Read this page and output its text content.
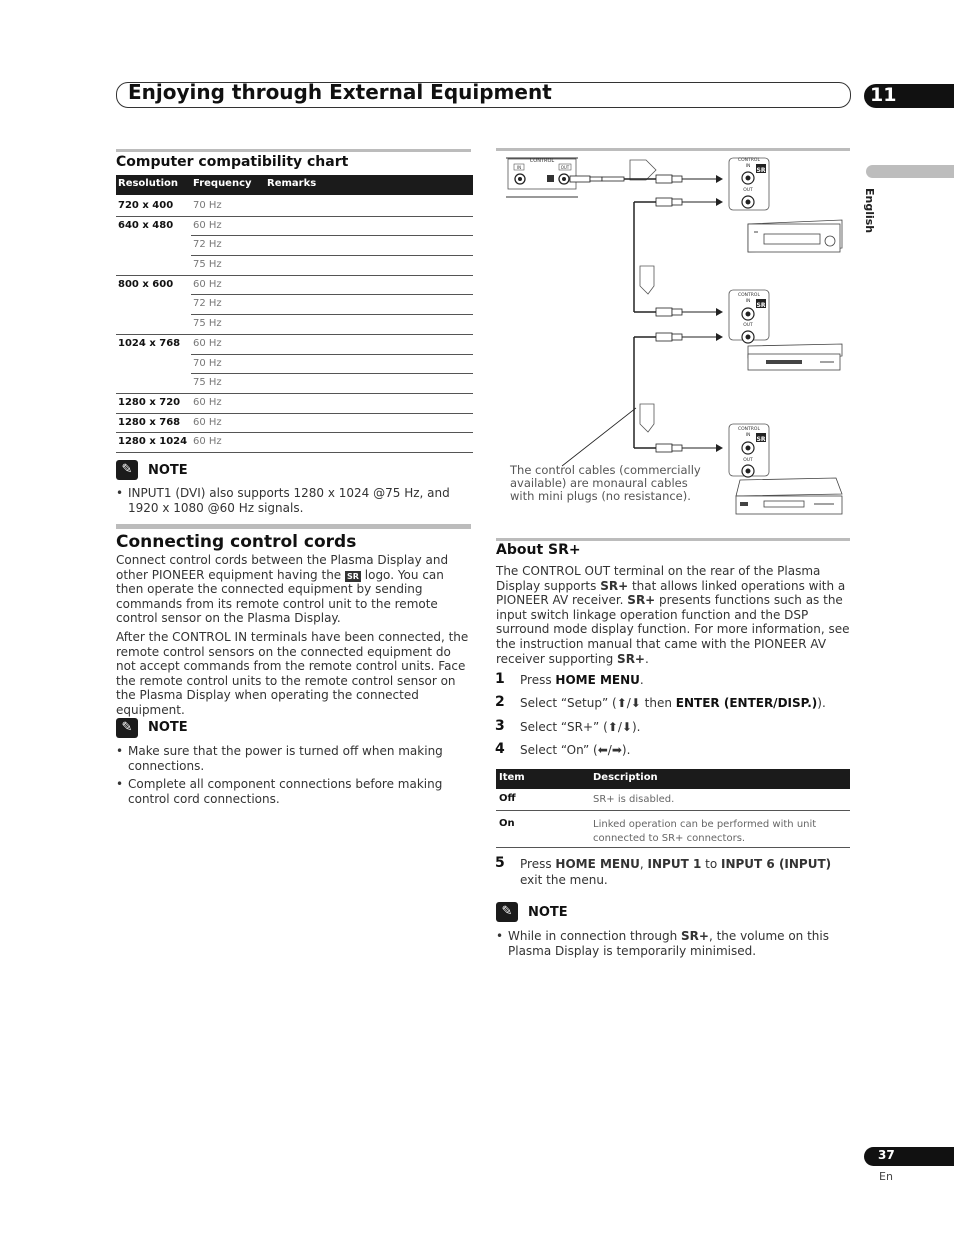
Enjoying through External Equipment	11
English
Computer compatibility chart
Resolution Frequency Remarks
720 x 400 70 Hz
640 x 480 60 Hz
72 Hz
75 Hz
800 x 600 60 Hz
72 Hz
75 Hz
1024 x 768 60 Hz
70 Hz
75 Hz
1280 x 720 60 Hz
1280 x 768 60 Hz
1280 x 1024 60 Hz
✎	NOTE
• INPUT1 (DVI) also supports 1280 x 1024 @75 Hz, and 1920 x 1080 @60 Hz signals.
Connecting control cords
Connect control cords between the Plasma Display and other PIONEER equipment having the SR logo. You can then operate the connected equipment by sending commands from its remote control unit to the remote control sensor on the Plasma Display.
After the CONTROL IN terminals have been connected, the remote control sensors on the connected equipment do not accept commands from the remote control units. Face the remote control units to the remote control sensor on the Plasma Display when operating the connected equipment.
✎	NOTE
• Make sure that the power is turned off when making connections.
• Complete all component connections before making control cord connections.
CONTROL
IN	OUT
CONTROL
IN
SR
OUT
CONTROL
IN
SR
OUT
CONTROL
IN
SR
OUT
The control cables (commercially
available) are monaural cables
with mini plugs (no resistance).
About SR+
The CONTROL OUT terminal on the rear of the Plasma Display supports SR+ that allows linked operations with a PIONEER AV receiver. SR+ presents functions such as the input switch linkage operation function and the DSP surround mode display function. For more information, see the instruction manual that came with the PIONEER AV receiver supporting SR+.
1 Press HOME MENU.
2 Select “Setup” (⬆/⬇ then ENTER (ENTER/DISP.)).
3 Select “SR+” (⬆/⬇).
4 Select “On” (⬅/➡).
Item	Description
Off	SR+ is disabled.
On	Linked operation can be performed with unit connected to SR+ connectors.
5 Press HOME MENU, INPUT 1 to INPUT 6 (INPUT) exit the menu.
✎	NOTE
• While in connection through SR+, the volume on this Plasma Display is temporarily minimised.
37
En
